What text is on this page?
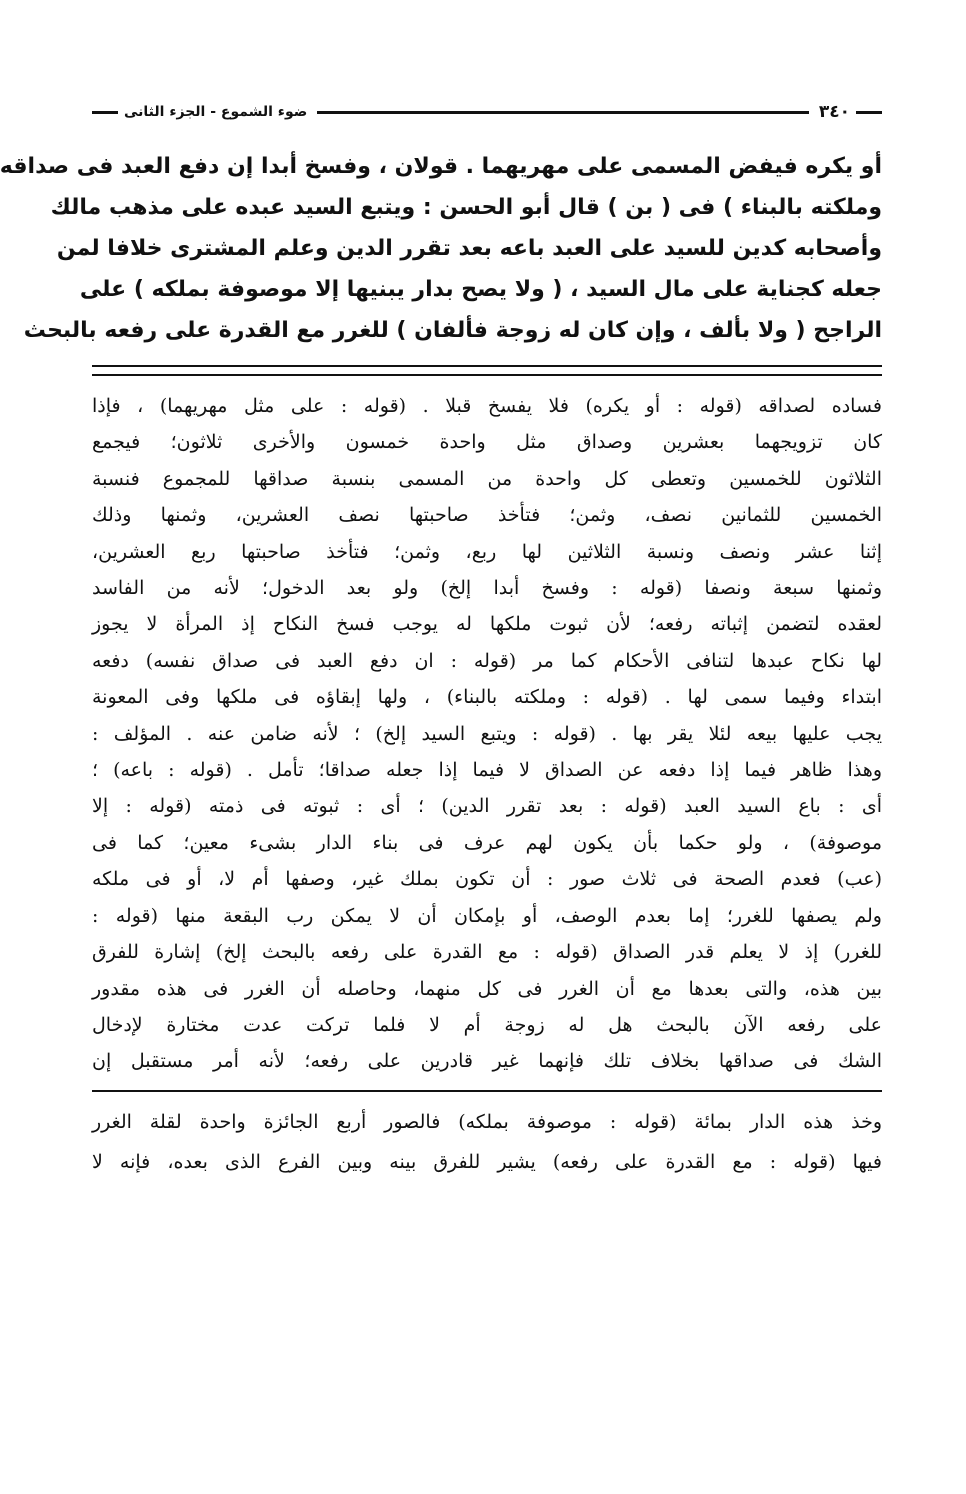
٣٤٠
ضوء الشموع - الجزء الثانى
أو يكره فيفض المسمى على مهريهما . قولان ، وفسخ أبدا إن دفع العبد فى صداقه
وملكته بالبناء ) فى ( بن ) قال أبو الحسن : ويتبع السيد عبده على مذهب مالك
وأصحابه كدين للسيد على العبد باعه بعد تقرر الدين وعلم المشترى خلافا لمن
جعله كجناية على مال السيد ، ( ولا يصح بدار يبنيها إلا موصوفة بملكه ) على
الراجح ( ولا بألف ، وإن كان له زوجة فألفان ) للغرر مع القدرة على رفعه بالبحث
فساده لصداقه (قوله : أو يكره) فلا يفسخ قبلا . (قوله : على مثل مهريهما) ، فإذا
كان تزويجهما بعشرين وصداق مثل واحدة خمسون والأخرى ثلاثون؛ فيجمع
الثلاثون للخمسين وتعطى كل واحدة من المسمى بنسبة صداقها للمجموع فنسبة
الخمسين للثمانين نصف، وثمن؛ فتأخذ صاحبتها نصف العشرين، وثمنها وذلك
إثنا عشر ونصف ونسبة الثلاثين لها ربع، وثمن؛ فتأخذ صاحبتها ربع العشرين،
وثمنها سبعة ونصفا (قوله : وفسخ أبدا إلخ) ولو بعد الدخول؛ لأنه من الفاسد
لعقده لتضمن إثباته رفعه؛ لأن ثبوت ملكها له يوجب فسخ النكاح إذ المرأة لا يجوز
لها نكاح عبدها لتنافى الأحكام كما مر (قوله : ان دفع العبد فى صداق نفسه) دفعه
ابتداء وفيما سمى لها . (قوله : وملكته بالبناء) ، ولها إبقاؤه فى ملكها وفى المعونة
يجب عليها بيعه لئلا يقر بها . (قوله : ويتبع السيد إلخ) ؛ لأنه ضامن عنه . المؤلف :
وهذا ظاهر فيما إذا دفعه عن الصداق لا فيما إذا جعله صداقا؛ تأمل . (قوله : باعه) ؛
أى : باع السيد العبد (قوله : بعد تقرر الدين) ؛ أى : ثبوته فى ذمته (قوله : إلا
موصوفة) ، ولو حكما بأن يكون لهم عرف فى بناء الدار بشىء معين؛ كما فى
(عب) فعدم الصحة فى ثلاث صور : أن تكون بملك غير، وصفها أم لا، أو فى ملكه
ولم يصفها للغرر؛ إما بعدم الوصف، أو بإمكان أن لا يمكن رب البقعة منها (قوله :
للغرر) إذ لا يعلم قدر الصداق (قوله : مع القدرة على رفعه بالبحث إلخ) إشارة للفرق
بين هذه، والتى بعدها مع أن الغرر فى كل منهما، وحاصله أن الغرر فى هذه مقدور
على رفعه الآن بالبحث هل له زوجة أم لا فلما تركت عدت مختارة لإدخال
الشك فى صداقها بخلاف تلك فإنهما غير قادرين على رفعه؛ لأنه أمر مستقبل إن
وخذ هذه الدار بمائة (قوله : موصوفة بملكه) فالصور أربع الجائزة واحدة لقلة الغرر
فيها (قوله : مع القدرة على رفعه) يشير للفرق بينه وبين الفرع الذى بعده، فإنه لا
